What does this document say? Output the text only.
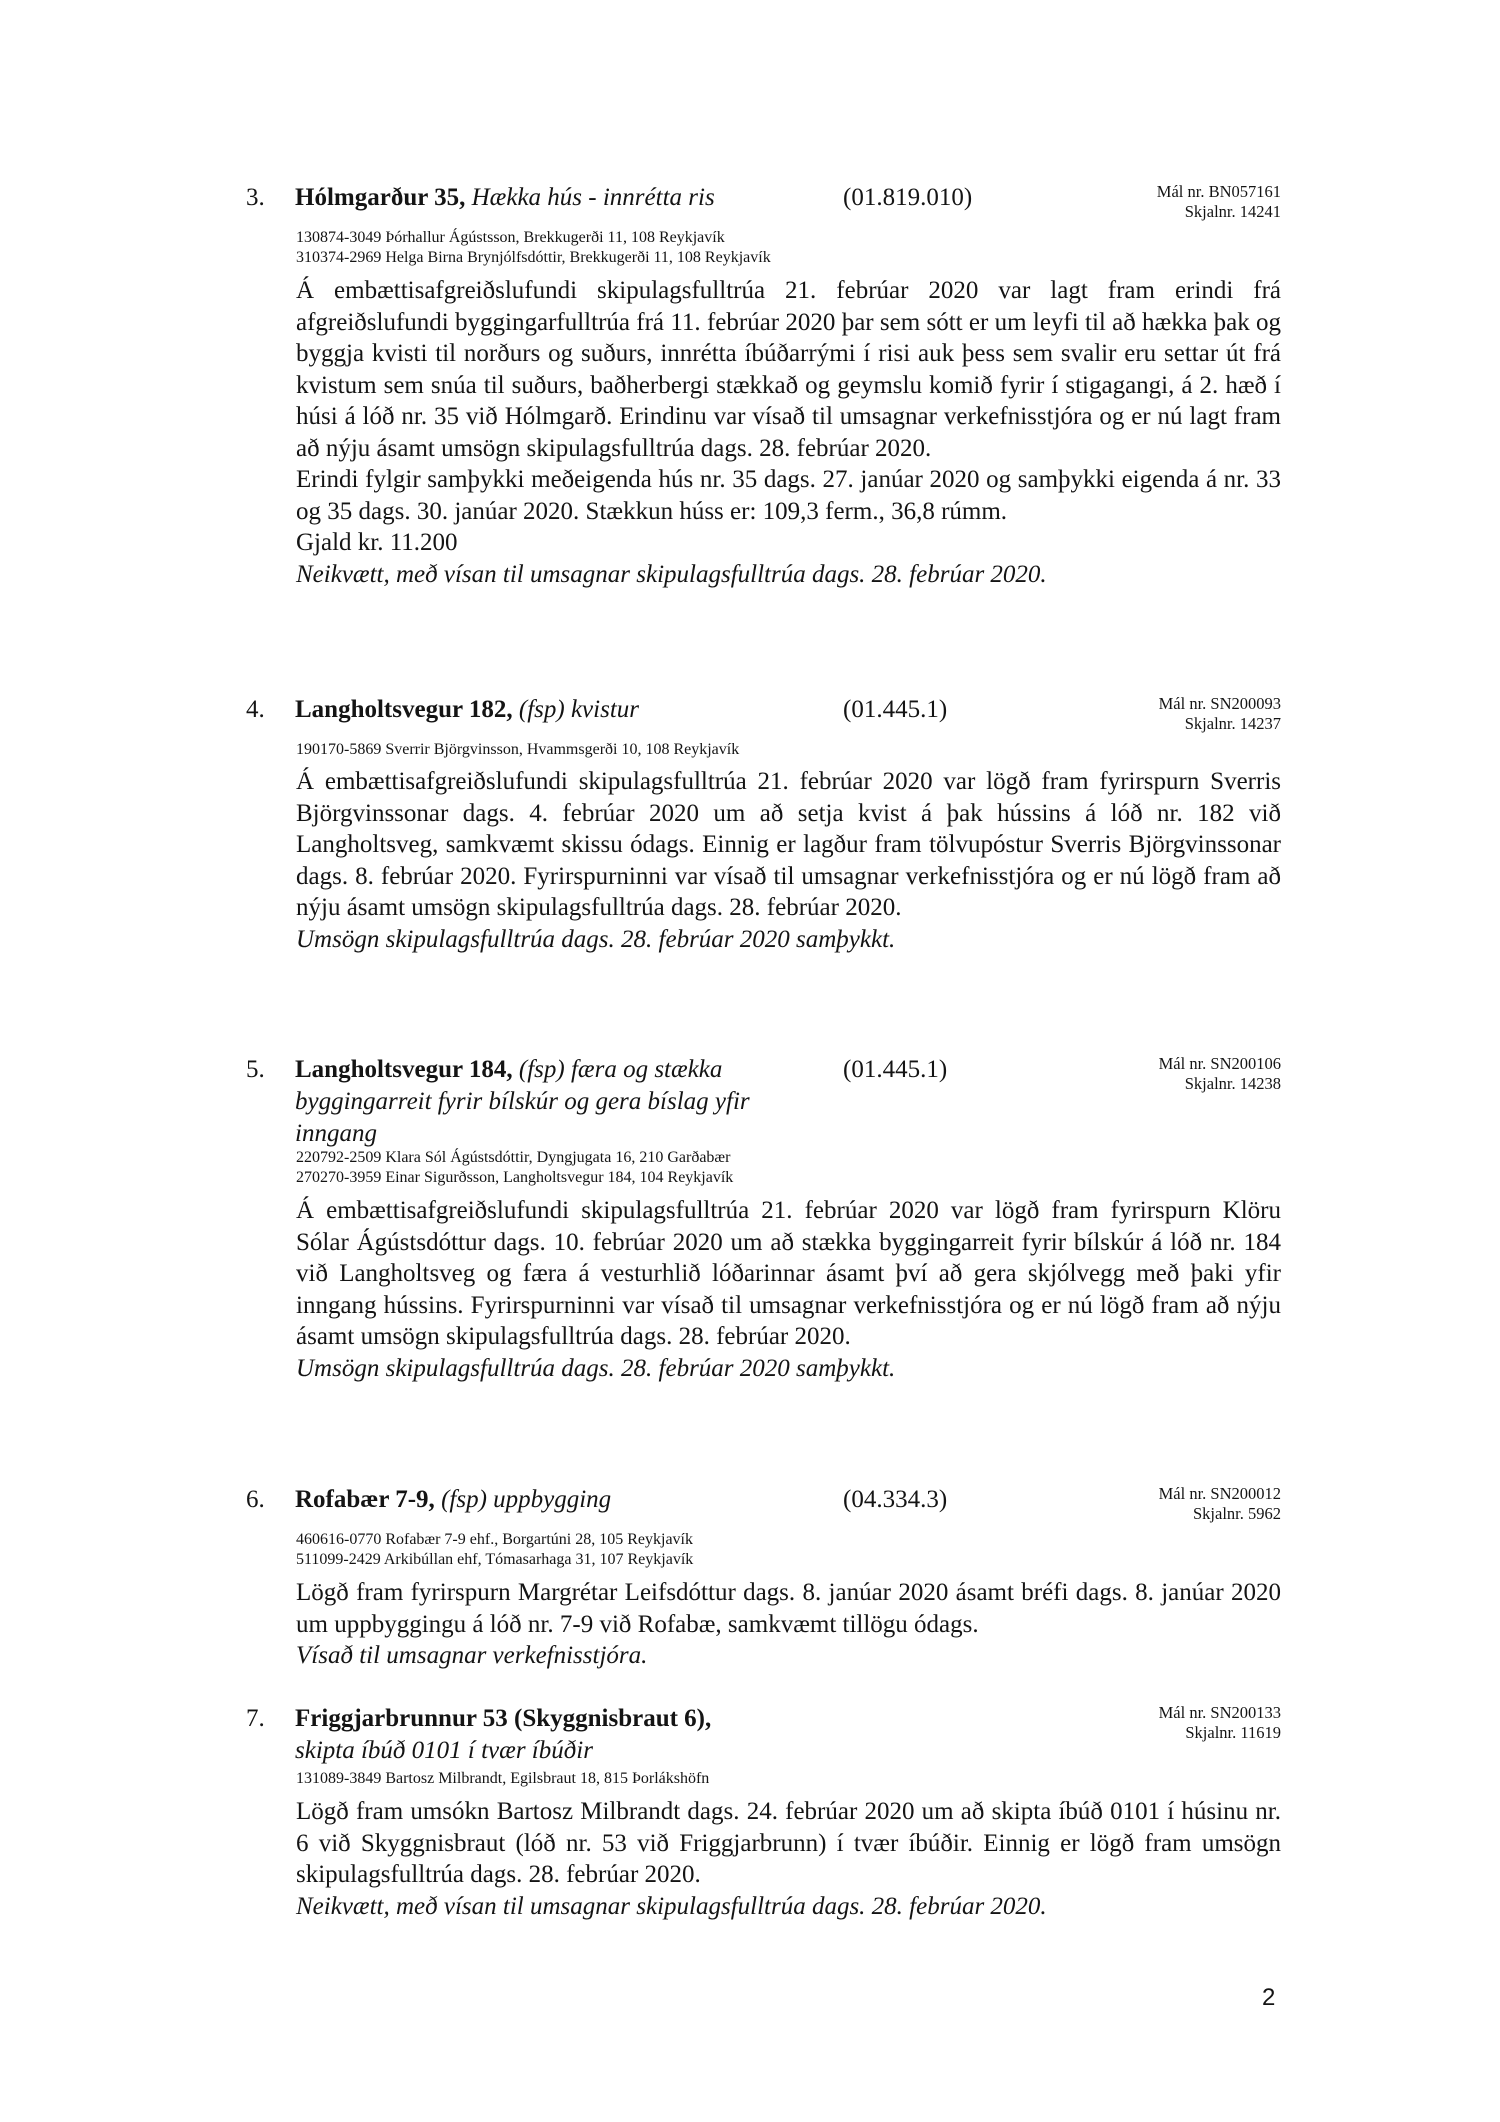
3. Hólmgarður 35, Hækka hús - innrétta ris	(01.819.010)	Mál nr. BN057161
Skjalnr. 14241
130874-3049 Þórhallur Ágústsson, Brekkugerði 11, 108 Reykjavík
310374-2969 Helga Birna Brynjólfsdóttir, Brekkugerði 11, 108 Reykjavík

Á embættisafgreiðslufundi skipulagsfulltrúa 21. febrúar 2020 var lagt fram erindi frá afgreiðslufundi byggingarfulltrúa frá 11. febrúar 2020 þar sem sótt er um leyfi til að hækka þak og byggja kvisti til norðurs og suðurs, innrétta íbúðarrými í risi auk þess sem svalir eru settar út frá kvistum sem snúa til suðurs, baðherbergi stækkað og geymslu komið fyrir í stigagangi, á 2. hæð í húsi á lóð nr. 35 við Hólmgarð. Erindinu var vísað til umsagnar verkefnisstjóra og er nú lagt fram að nýju ásamt umsögn skipulagsfulltrúa dags. 28. febrúar 2020.

Erindi fylgir samþykki meðeigenda hús nr. 35 dags. 27. janúar 2020 og samþykki eigenda á nr. 33 og 35 dags. 30. janúar 2020. Stækkun húss er: 109,3 ferm., 36,8 rúmm.

Gjald kr. 11.200

Neikvætt, með vísan til umsagnar skipulagsfulltrúa dags. 28. febrúar 2020.

4. Langholtsvegur 182, (fsp) kvistur	(01.445.1)	Mál nr. SN200093
Skjalnr. 14237
190170-5869 Sverrir Björgvinsson, Hvammsgerði 10, 108 Reykjavík

Á embættisafgreiðslufundi skipulagsfulltrúa 21. febrúar 2020 var lögð fram fyrirspurn Sverris Björgvinssonar dags. 4. febrúar 2020 um að setja kvist á þak hússins á lóð nr. 182 við Langholtsveg, samkvæmt skissu ódags. Einnig er lagður fram tölvupóstur Sverris Björgvinssonar dags. 8. febrúar 2020. Fyrirspurninni var vísað til umsagnar verkefnisstjóra og er nú lögð fram að nýju ásamt umsögn skipulagsfulltrúa dags. 28. febrúar 2020.

Umsögn skipulagsfulltrúa dags. 28. febrúar 2020 samþykkt.

5. Langholtsvegur 184, (fsp) færa og stækka byggingarreit fyrir bílskúr og gera bíslag yfir inngang
(01.445.1)	Mál nr. SN200106
Skjalnr. 14238
220792-2509 Klara Sól Ágústsdóttir, Dyngjugata 16, 210 Garðabær
270270-3959 Einar Sigurðsson, Langholtsvegur 184, 104 Reykjavík

Á embættisafgreiðslufundi skipulagsfulltrúa 21. febrúar 2020 var lögð fram fyrirspurn Klöru Sólar Ágústsdóttur dags. 10. febrúar 2020 um að stækka byggingarreit fyrir bílskúr á lóð nr. 184 við Langholtsveg og færa á vesturhlið lóðarinnar ásamt því að gera skjólvegg með þaki yfir inngang hússins. Fyrirspurninni var vísað til umsagnar verkefnisstjóra og er nú lögð fram að nýju ásamt umsögn skipulagsfulltrúa dags. 28. febrúar 2020.

Umsögn skipulagsfulltrúa dags. 28. febrúar 2020 samþykkt.

6. Rofabær 7-9, (fsp) uppbygging	(04.334.3)	Mál nr. SN200012
Skjalnr. 5962
460616-0770 Rofabær 7-9 ehf., Borgartúni 28, 105 Reykjavík
511099-2429 Arkibúllan ehf, Tómasarhaga 31, 107 Reykjavík

Lögð fram fyrirspurn Margrétar Leifsdóttur dags. 8. janúar 2020 ásamt bréfi dags. 8. janúar 2020 um uppbyggingu á lóð nr. 7-9 við Rofabæ, samkvæmt tillögu ódags.

Vísað til umsagnar verkefnisstjóra.

7. Friggjarbrunnur 53 (Skyggnisbraut 6),
skipta íbúð 0101 í tvær íbúðir
Mál nr. SN200133
Skjalnr. 11619
131089-3849 Bartosz Milbrandt, Egilsbraut 18, 815 Þorlákshöfn

Lögð fram umsókn Bartosz Milbrandt dags. 24. febrúar 2020 um að skipta íbúð 0101 í húsinu nr. 6 við Skyggnisbraut (lóð nr. 53 við Friggjarbrunn) í tvær íbúðir. Einnig er lögð fram umsögn skipulagsfulltrúa dags. 28. febrúar 2020.

Neikvætt, með vísan til umsagnar skipulagsfulltrúa dags. 28. febrúar 2020.

2
